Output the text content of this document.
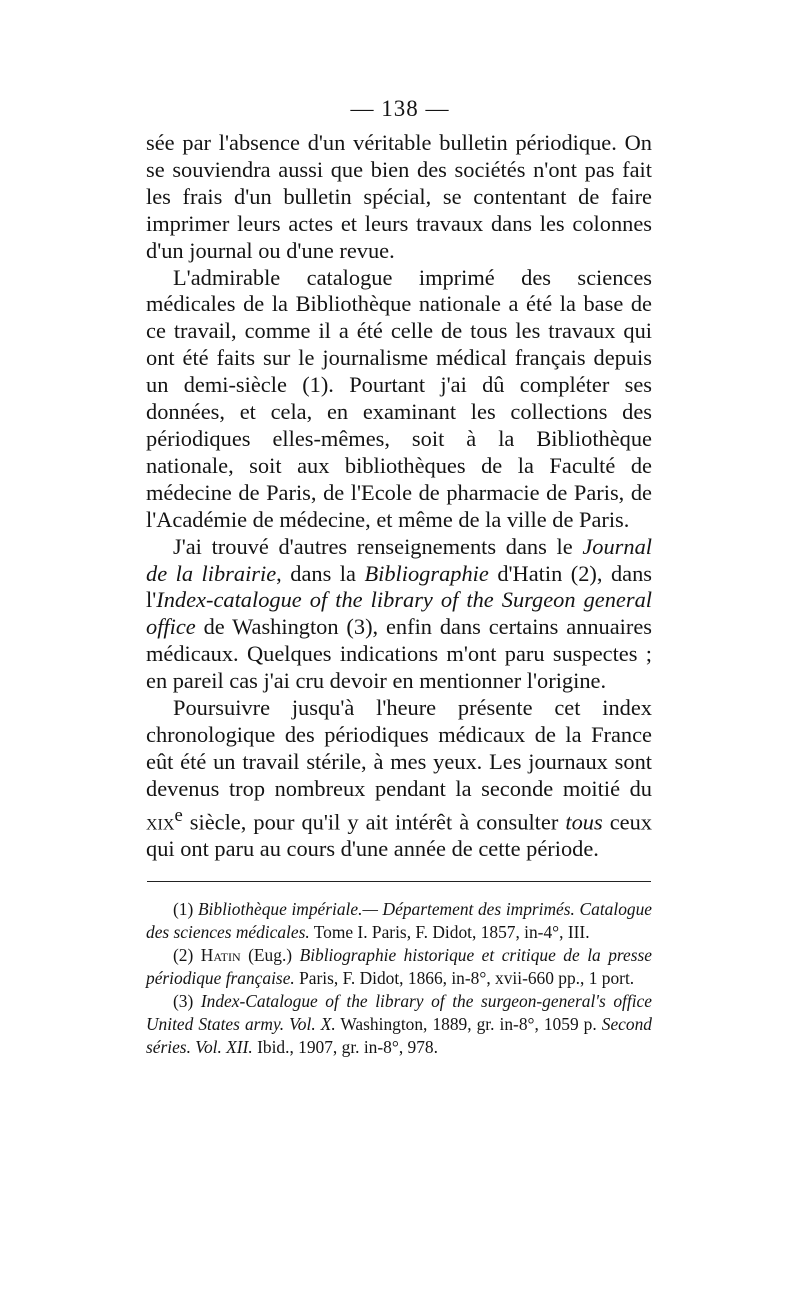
— 138 —

sée par l'absence d'un véritable bulletin périodique. On se souviendra aussi que bien des sociétés n'ont pas fait les frais d'un bulletin spécial, se contentant de faire imprimer leurs actes et leurs travaux dans les colonnes d'un journal ou d'une revue.

L'admirable catalogue imprimé des sciences médicales de la Bibliothèque nationale a été la base de ce travail, comme il a été celle de tous les travaux qui ont été faits sur le journalisme médical français depuis un demi-siècle (1). Pourtant j'ai dû compléter ses données, et cela, en examinant les collections des périodiques elles-mêmes, soit à la Bibliothèque nationale, soit aux bibliothèques de la Faculté de médecine de Paris, de l'Ecole de pharmacie de Paris, de l'Académie de médecine, et même de la ville de Paris.

J'ai trouvé d'autres renseignements dans le Journal de la librairie, dans la Bibliographie d'Hatin (2), dans l'Index-catalogue of the library of the Surgeon general office de Washington (3), enfin dans certains annuaires médicaux. Quelques indications m'ont paru suspectes ; en pareil cas j'ai cru devoir en mentionner l'origine.

Poursuivre jusqu'à l'heure présente cet index chronologique des périodiques médicaux de la France eût été un travail stérile, à mes yeux. Les journaux sont devenus trop nombreux pendant la seconde moitié du xix$^e$ siècle, pour qu'il y ait intérêt à consulter tous ceux qui ont paru au cours d'une année de cette période.

(1) Bibliothèque impériale.— Département des imprimés. Catalogue des sciences médicales. Tome I. Paris, F. Didot, 1857, in-4°, III.

(2) Hatin (Eug.) Bibliographie historique et critique de la presse périodique française. Paris, F. Didot, 1866, in-8°, xvii-660 pp., 1 port.

(3) Index-Catalogue of the library of the surgeon-general's office United States army. Vol. X. Washington, 1889, gr. in-8°, 1059 p. Second séries. Vol. XII. Ibid., 1907, gr. in-8°, 978.
